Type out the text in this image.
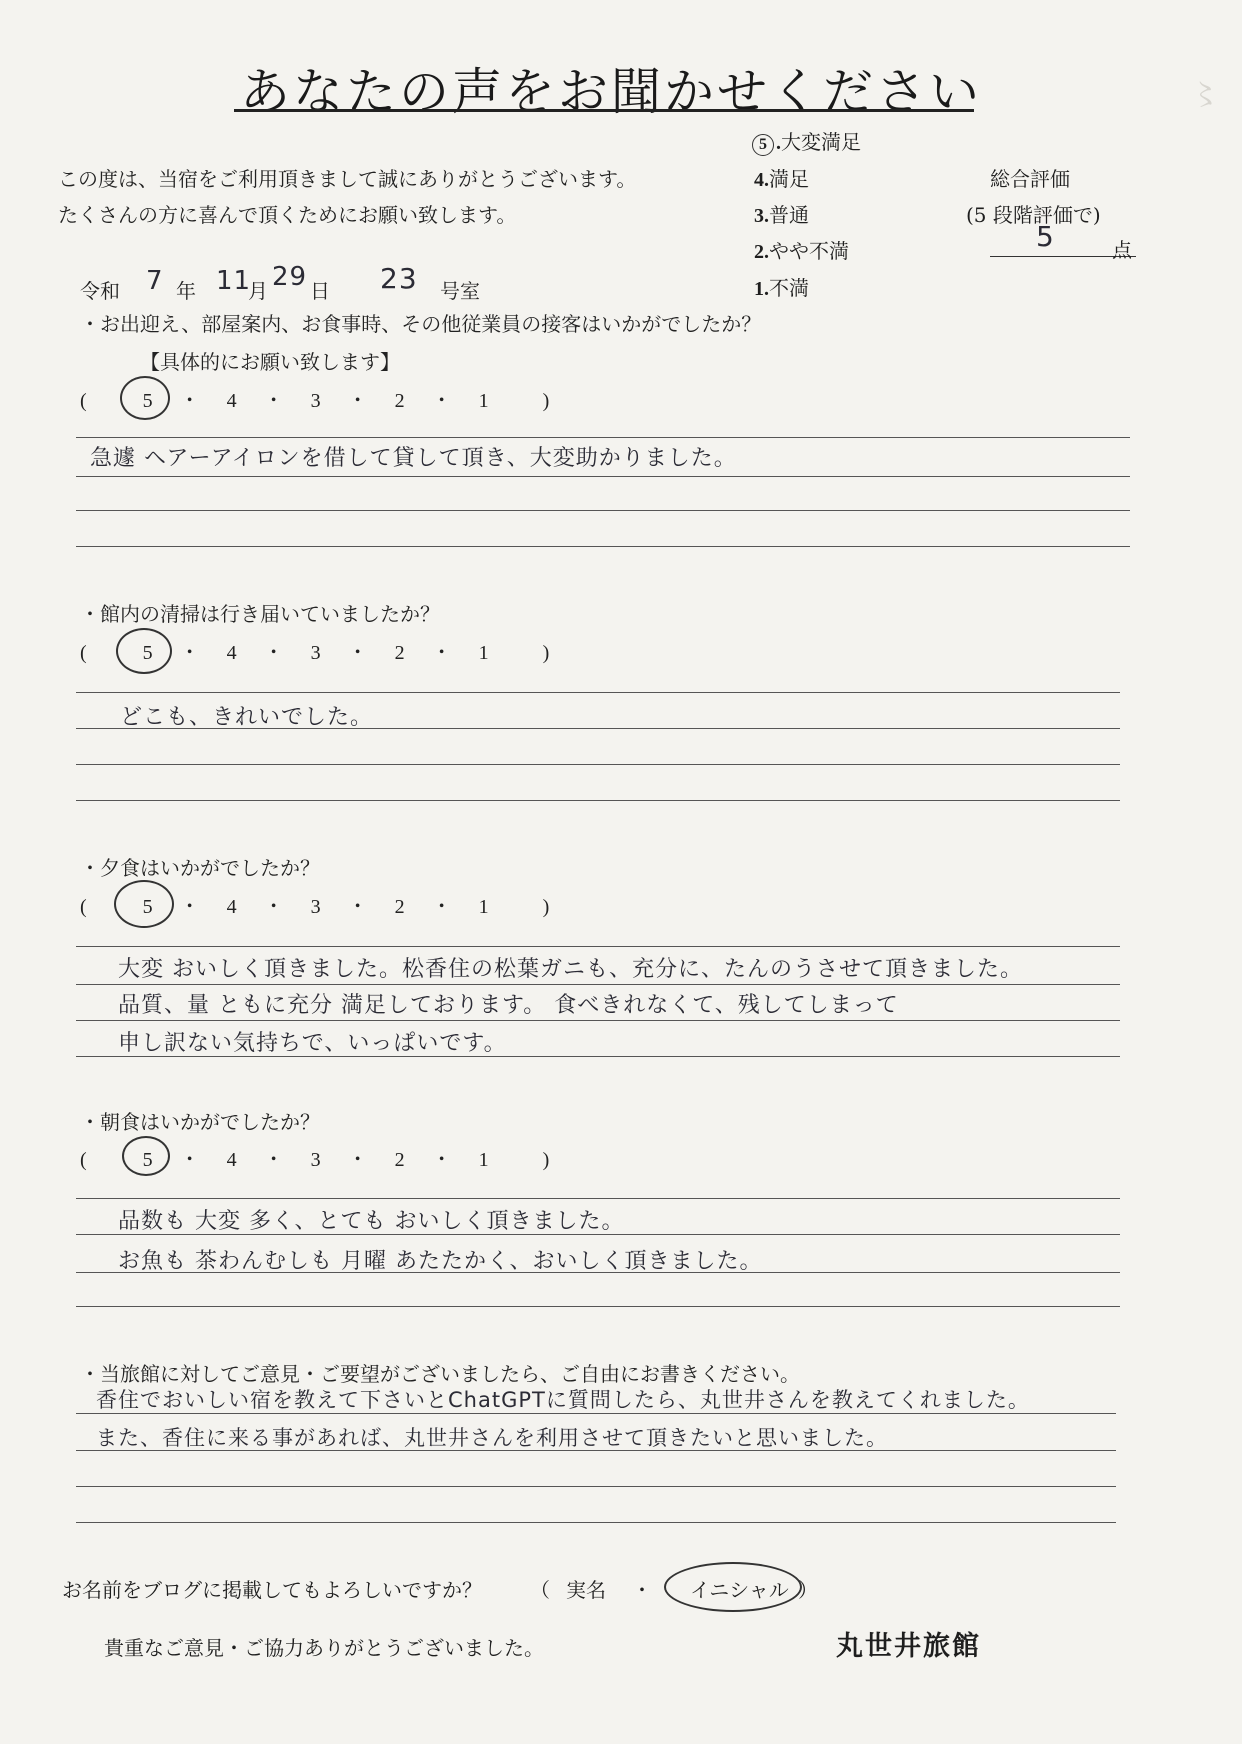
〻
あなたの声をお聞かせください
この度は、当宿をご利用頂きまして誠にありがとうございます。
たくさんの方に喜んで頂くためにお願い致します。
5 .大変満足
4.満足
3.普通
2.やや不満
1.不満
総合評価
(5 段階評価で)
5	点
令和 7 年 11
月 29 日 23 号室
・お出迎え、部屋案内、お食事時、その他従業員の接客はいかがでしたか？
【具体的にお願い致します】
(	5 ・ 4 ・ 3 ・ 2 ・ 1	)
急遽 ヘアーアイロンを借して貸して頂き、大変助かりました。
・館内の清掃は行き届いていましたか？
(	5 ・ 4 ・ 3 ・ 2 ・ 1	)
どこも、きれいでした。
・夕食はいかがでしたか？
(	5 ・ 4 ・ 3 ・ 2 ・ 1	)
大変 おいしく頂きました。松香住の松葉ガニも、充分に、たんのうさせて頂きました。
品質、量 ともに充分 満足しております。 食べきれなくて、残してしまって
申し訳ない気持ちで、いっぱいです。
・朝食はいかがでしたか？
(	5 ・ 4 ・ 3 ・ 2 ・ 1	)
品数も 大変 多く、とても おいしく頂きました。
お魚も 茶わんむしも 月曜 あたたかく、おいしく頂きました。
・当旅館に対してご意見・ご要望がございましたら、ご自由にお書きください。
香住でおいしい宿を教えて下さいとChatGPTに質問したら、丸世井さんを教えてくれました。
また、香住に来る事があれば、丸世井さんを利用させて頂きたいと思いました。
お名前をブログに掲載してもよろしいですか？ （ 実名 ・ イニシャル ）
貴重なご意見・ご協力ありがとうございました。	丸世井旅館
